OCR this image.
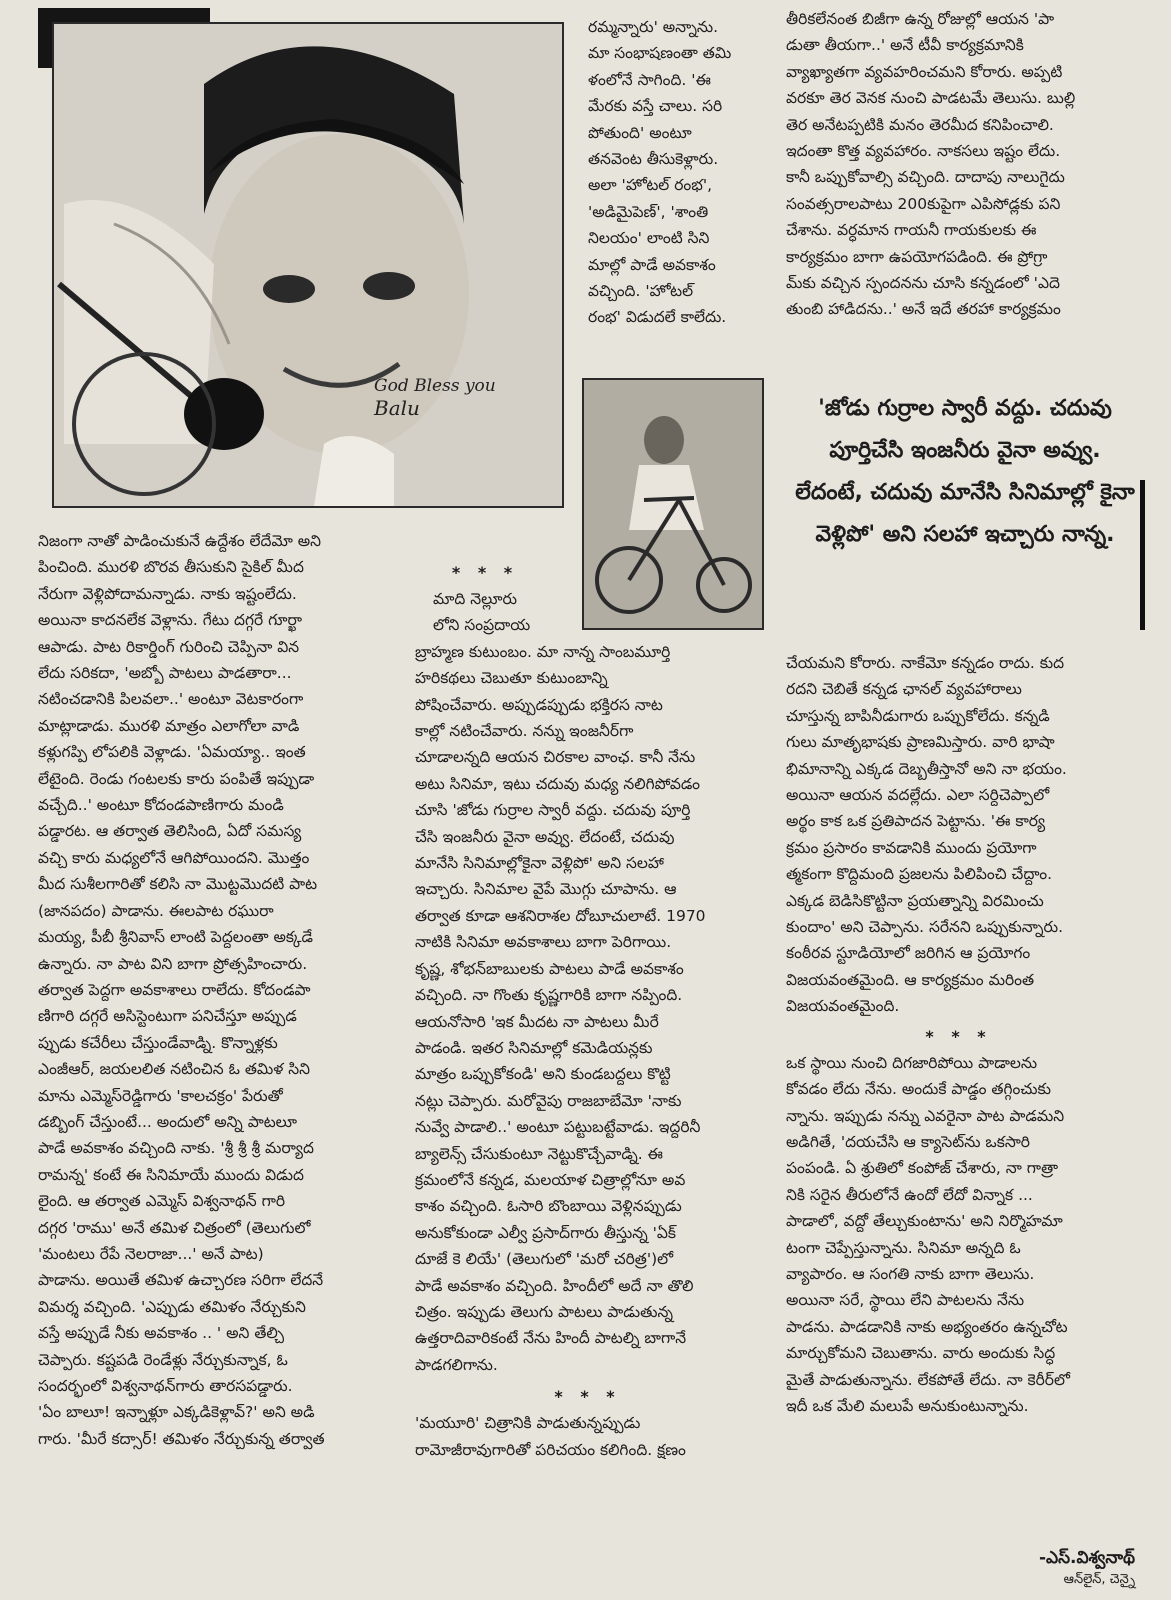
God Bless you
Balu	'జోడు గుర్రాల స్వారీ వద్దు. చదువు పూర్తిచేసి ఇంజనీరు వైనా అవ్వు. లేదంటే, చదువు మానేసి సినిమాల్లో కైనా వెళ్లిపో' అని సలహా ఇచ్చారు నాన్న.
నిజంగా నాతో పాడించుకునే ఉద్దేశం లేదేమో అని
పించింది. మురళి బొరవ తీసుకుని సైకిల్ మీద
నేరుగా వెళ్లిపోదామన్నాడు. నాకు ఇష్టంలేదు.
అయినా కాదనలేక వెళ్లాను. గేటు దగ్గరే గూర్ఖా
ఆపాడు. పాట రికార్డింగ్ గురించి చెప్పినా విన
లేదు సరికదా, 'అబ్బో పాటలు పాడతారా...
నటించడానికి పిలవలా..' అంటూ వెటకారంగా
మాట్లాడాడు. మురళి మాత్రం ఎలాగోలా వాడి
కళ్లుగప్పి లోపలికి వెళ్లాడు. 'ఏమయ్యా.. ఇంత
లేటైంది. రెండు గంటలకు కారు పంపితే ఇప్పుడా
వచ్చేది..' అంటూ కోదండపాణిగారు మండి
పడ్డారట. ఆ తర్వాత తెలిసింది, ఏదో సమస్య
వచ్చి కారు మధ్యలోనే ఆగిపోయిందని. మొత్తం
మీద సుశీలగారితో కలిసి నా మొట్టమొదటి పాట
(జానపదం) పాడాను. ఈలపాట రఘురా
మయ్య, పీబీ శ్రీనివాస్ లాంటి పెద్దలంతా అక్కడే
ఉన్నారు. నా పాట విని బాగా ప్రోత్సహించారు.
తర్వాత పెద్దగా అవకాశాలు రాలేదు. కోదండపా
ణిగారి దగ్గరే అసిస్టెంటుగా పనిచేస్తూ అప్పుడ
ప్పుడు కచేరీలు చేస్తుండేవాడ్ని. కొన్నాళ్లకు
ఎంజీఆర్, జయలలిత నటించిన ఓ తమిళ సిని
మాను ఎమ్మెస్‌రెడ్డిగారు 'కాలచక్రం' పేరుతో
డబ్బింగ్ చేస్తుంటే... అందులో అన్ని పాటలూ
పాడే అవకాశం వచ్చింది నాకు. 'శ్రీ శ్రీ శ్రీ మర్యాద
రామన్న' కంటే ఈ సినిమాయే ముందు విడుద
లైంది. ఆ తర్వాత ఎమ్మెస్ విశ్వనాథన్ గారి
దగ్గర 'రాము' అనే తమిళ చిత్రంలో (తెలుగులో
'మంటలు రేపే నెలరాజా...' అనే పాట)
పాడాను. అయితే తమిళ ఉచ్చారణ సరిగా లేదనే
విమర్శ వచ్చింది. 'ఎప్పుడు తమిళం నేర్చుకుని
వస్తే అప్పుడే నీకు అవకాశం .. ' అని తేల్చి
చెప్పారు. కష్టపడి రెండేళ్లు నేర్చుకున్నాక, ఓ
సందర్భంలో విశ్వనాథన్‌గారు తారసపడ్డారు.
'ఏం బాలూ! ఇన్నాళ్లూ ఎక్కడికెళ్లావ్?' అని అడి
గారు. 'మీరే కద్సార్! తమిళం నేర్చుకున్న తర్వాత
రమ్మన్నారు' అన్నాను.
మా సంభాషణంతా తమి
ళంలోనే సాగింది. 'ఈ
మేరకు వస్తే చాలు. సరి
పోతుంది' అంటూ
తనవెంట తీసుకెళ్లారు.
అలా 'హోటల్ రంభ',
'అడిమైపెణ్', 'శాంతి
నిలయం' లాంటి సిని
మాల్లో పాడే అవకాశం
వచ్చింది. 'హోటల్
రంభ' విడుదలే కాలేదు.
* * *
మాది నెల్లూరు
లోని సంప్రదాయ
బ్రాహ్మణ కుటుంబం. మా నాన్న సాంబమూర్తి
హరికథలు చెబుతూ కుటుంబాన్ని
పోషించేవారు. అప్పుడప్పుడు భక్తిరస నాట
కాల్లో నటించేవారు. నన్ను ఇంజనీర్‌గా
చూడాలన్నది ఆయన చిరకాల వాంఛ. కానీ నేను
అటు సినిమా, ఇటు చదువు మధ్య నలిగిపోవడం
చూసి 'జోడు గుర్రాల స్వారీ వద్దు. చదువు పూర్తి
చేసి ఇంజనీరు వైనా అవ్వు. లేదంటే, చదువు
మానేసి సినిమాల్లోకైనా వెళ్లిపో' అని సలహా
ఇచ్చారు. సినిమాల వైపే మొగ్గు చూపాను. ఆ
తర్వాత కూడా ఆశనిరాశల దోబూచులాటే. 1970
నాటికి సినిమా అవకాశాలు బాగా పెరిగాయి.
కృష్ణ, శోభన్‌బాబులకు పాటలు పాడే అవకాశం
వచ్చింది. నా గొంతు కృష్ణగారికి బాగా నప్పింది.
ఆయనోసారి 'ఇక మీదట నా పాటలు మీరే
పాడండి. ఇతర సినిమాల్లో కమెడియన్లకు
మాత్రం ఒప్పుకోకండి' అని కుండబద్దలు కొట్టి
నట్లు చెప్పారు. మరోవైపు రాజబాబేమో 'నాకు
నువ్వే పాడాలి..' అంటూ పట్టుబట్టేవాడు. ఇద్దరినీ
బ్యాలెన్స్ చేసుకుంటూ నెట్టుకొచ్చేవాడ్ని. ఈ
క్రమంలోనే కన్నడ, మలయాళ చిత్రాల్లోనూ అవ
కాశం వచ్చింది. ఓసారి బొంబాయి వెళ్లినప్పుడు
అనుకోకుండా ఎల్వీ ప్రసాద్‌గారు తీస్తున్న 'ఏక్
దూజే కె లియే' (తెలుగులో 'మరో చరిత్ర')లో
పాడే అవకాశం వచ్చింది. హిందీలో అదే నా తొలి
చిత్రం. ఇప్పుడు తెలుగు పాటలు పాడుతున్న
ఉత్తరాదివారికంటే నేను హిందీ పాటల్ని బాగానే
పాడగలిగాను.
* * *
'మయూరి' చిత్రానికి పాడుతున్నప్పుడు
రామోజీరావుగారితో పరిచయం కలిగింది. క్షణం
తీరికలేనంత బిజీగా ఉన్న రోజుల్లో ఆయన 'పా
డుతా తీయగా..' అనే టీవీ కార్యక్రమానికి
వ్యాఖ్యాతగా వ్యవహరించమని కోరారు. అప్పటి
వరకూ తెర వెనక నుంచి పాడటమే తెలుసు. బుల్లి
తెర అనేటప్పటికి మనం తెరమీద కనిపించాలి.
ఇదంతా కొత్త వ్యవహారం. నాకసలు ఇష్టం లేదు.
కానీ ఒప్పుకోవాల్సి వచ్చింది. దాదాపు నాలుగైదు
సంవత్సరాలపాటు 200కుపైగా ఎపిసోడ్లకు పని
చేశాను. వర్ధమాన గాయనీ గాయకులకు ఈ
కార్యక్రమం బాగా ఉపయోగపడింది. ఈ ప్రోగ్రా
మ్‌కు వచ్చిన స్పందనను చూసి కన్నడంలో 'ఎదె
తుంబి హాడిదను..' అనే ఇదే తరహా కార్యక్రమం
చేయమని కోరారు. నాకేమో కన్నడం రాదు. కుద
రదని చెబితే కన్నడ ఛానల్ వ్యవహారాలు
చూస్తున్న బాపినీడుగారు ఒప్పుకోలేదు. కన్నడి
గులు మాతృభాషకు ప్రాణమిస్తారు. వారి భాషా
భిమానాన్ని ఎక్కడ దెబ్బతీస్తానో అని నా భయం.
అయినా ఆయన వదల్లేదు. ఎలా సర్దిచెప్పాలో
అర్థం కాక ఒక ప్రతిపాదన పెట్టాను. 'ఈ కార్య
క్రమం ప్రసారం కావడానికి ముందు ప్రయోగా
త్మకంగా కొద్దిమంది ప్రజలను పిలిపించి చేద్దాం.
ఎక్కడ బెడిసికొట్టినా ప్రయత్నాన్ని విరమించు
కుందాం' అని చెప్పాను. సరేనని ఒప్పుకున్నారు.
కంఠీరవ స్టూడియోలో జరిగిన ఆ ప్రయోగం
విజయవంతమైంది. ఆ కార్యక్రమం మరింత
విజయవంతమైంది.
* * *
ఒక స్థాయి నుంచి దిగజారిపోయి పాడాలను
కోవడం లేదు నేను. అందుకే పాడ్డం తగ్గించుకు
న్నాను. ఇప్పుడు నన్ను ఎవరైనా పాట పాడమని
అడిగితే, 'దయచేసి ఆ క్యాసెట్‌ను ఒకసారి
పంపండి. ఏ శ్రుతిలో కంపోజ్ చేశారు, నా గాత్రా
నికి సరైన తీరులోనే ఉందో లేదో విన్నాక ...
పాడాలో, వద్దో తేల్చుకుంటాను' అని నిర్మొహమా
టంగా చెప్పేస్తున్నాను. సినిమా అన్నది ఓ
వ్యాపారం. ఆ సంగతి నాకు బాగా తెలుసు.
అయినా సరే, స్థాయి లేని పాటలను నేను
పాడను. పాడడానికి నాకు అభ్యంతరం ఉన్నచోట
మార్చుకోమని చెబుతాను. వారు అందుకు సిద్ధ
మైతే పాడుతున్నాను. లేకపోతే లేదు. నా కెరీర్‌లో
ఇదీ ఒక మేలి మలుపే అనుకుంటున్నాను.
-ఎస్.విశ్వనాథ్
ఆన్‌లైన్, చెన్నై
